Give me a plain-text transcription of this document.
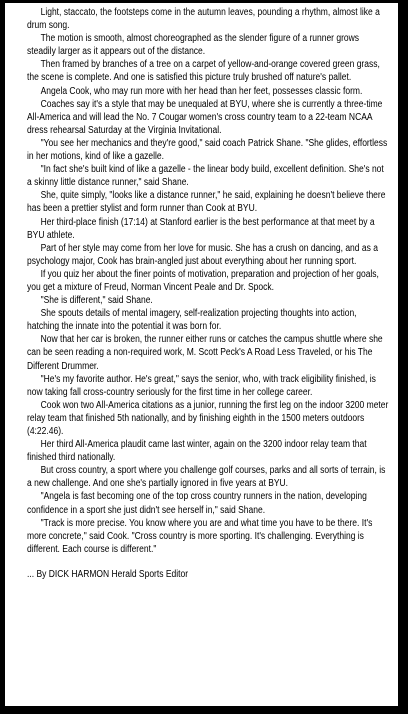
Light, staccato, the footsteps come in the autumn leaves, pounding a rhythm, almost like a drum song.

The motion is smooth, almost choreographed as the slender figure of a runner grows steadily larger as it appears out of the distance.

Then framed by branches of a tree on a carpet of yellow-and-orange covered green grass, the scene is complete. And one is satisfied this picture truly brushed off nature's pallet.

Angela Cook, who may run more with her head than her feet, possesses classic form.

Coaches say it's a style that may be unequaled at BYU, where she is currently a three-time All-America and will lead the No. 7 Cougar women's cross country team to a 22-team NCAA dress rehearsal Saturday at the Virginia Invitational.

"You see her mechanics and they're good," said coach Patrick Shane. "She glides, effortless in her motions, kind of like a gazelle.

"In fact she's built kind of like a gazelle - the linear body build, excellent definition. She's not a skinny little distance runner," said Shane.

She, quite simply, "looks like a distance runner," he said, explaining he doesn't believe there has been a prettier stylist and form runner than Cook at BYU.

Her third-place finish (17:14) at Stanford earlier is the best performance at that meet by a BYU athlete.

Part of her style may come from her love for music. She has a crush on dancing, and as a psychology major, Cook has brain-angled just about everything about her running sport.

If you quiz her about the finer points of motivation, preparation and projection of her goals, you get a mixture of Freud, Norman Vincent Peale and Dr. Spock.

"She is different," said Shane.

She spouts details of mental imagery, self-realization projecting thoughts into action, hatching the innate into the potential it was born for.

Now that her car is broken, the runner either runs or catches the campus shuttle where she can be seen reading a non-required work, M. Scott Peck's A Road Less Traveled, or his The Different Drummer.

"He's my favorite author. He's great," says the senior, who, with track eligibility finished, is now taking fall cross-country seriously for the first time in her college career.

Cook won two All-America citations as a junior, running the first leg on the indoor 3200 meter relay team that finished 5th nationally, and by finishing eighth in the 1500 meters outdoors (4:22.46).

Her third All-America plaudit came last winter, again on the 3200 indoor relay team that finished third nationally.

But cross country, a sport where you challenge golf courses, parks and all sorts of terrain, is a new challenge. And one she's partially ignored in five years at BYU.

"Angela is fast becoming one of the top cross country runners in the nation, developing confidence in a sport she just didn't see herself in," said Shane.

"Track is more precise. You know where you are and what time you have to be there. It's more concrete," said Cook. "Cross country is more sporting. It's challenging. Everything is different. Each course is different."

... By DICK HARMON Herald Sports Editor
